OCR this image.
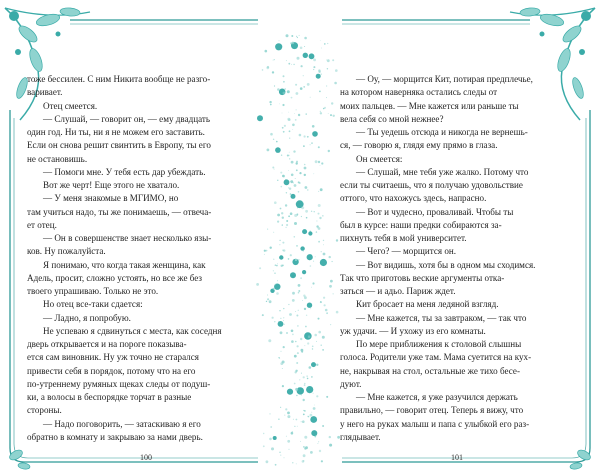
тоже бессилен. С ним Никита вообще не разго-

варивает.

Отец смеется.

— Слушай, — говорит он, — ему двадцать

один год. Ни ты, ни я не можем его заставить.

Если он снова решит свинтить в Европу, ты его

не остановишь.

— Помоги мне. У тебя есть дар убеждать.

Вот же черт! Еще этого не хватало.

— У меня знакомые в МГИМО, но

там учиться надо, ты же понимаешь, — отвеча-

ет отец.

— Он в совершенстве знает несколько язы-

ков. Ну пожалуйста.

Я понимаю, что когда такая женщина, как

Адель, просит, сложно устоять, но все же без

твоего упрашиваю. Только не это.

Но отец все-таки сдается:

— Ладно, я попробую.

Не успеваю я сдвинуться с места, как соседня

дверь открывается и на пороге показыва-

ется сам виновник. Ну уж точно не старался

привести себя в порядок, потому что на его

по-утреннему румяных щеках следы от подуш-

ки, а волосы в беспорядке торчат в разные

стороны.

— Надо поговорить, — затаскиваю я его

обратно в комнату и закрываю за нами дверь.

— Оу, — морщится Кит, потирая предплечье,

на котором наверняка остались следы от

моих пальцев. — Мне кажется или раньше ты

вела себя со мной нежнее?

— Ты уедешь отсюда и никогда не вернешь-

ся, — говорю я, глядя ему прямо в глаза.

Он смеется:

— Слушай, мне тебя уже жалко. Потому что

если ты считаешь, что я получаю удовольствие

оттого, что нахожусь здесь, напрасно.

— Вот и чудесно, проваливай. Чтобы ты

был в курсе: наши предки собираются за-

пихнуть тебя в мой университет.

— Чего? — морщится он.

— Вот видишь, хотя бы в одном мы сходимся.

Так что приготовь веские аргументы отка-

заться — и адьо. Париж ждет.

Кит бросает на меня ледяной взгляд.

— Мне кажется, ты за завтраком, — так что

уж удачи. — И ухожу из его комнаты.

По мере приближения к столовой слышны

голоса. Родители уже там. Мама суетится на кух-

не, накрывая на стол, остальные же тихо бесе-

дуют.

— Мне кажется, я уже разучился держать

правильно, — говорит отец. Теперь я вижу, что

у него на руках малыш и папа с улыбкой его раз-

глядывает.

100	101
